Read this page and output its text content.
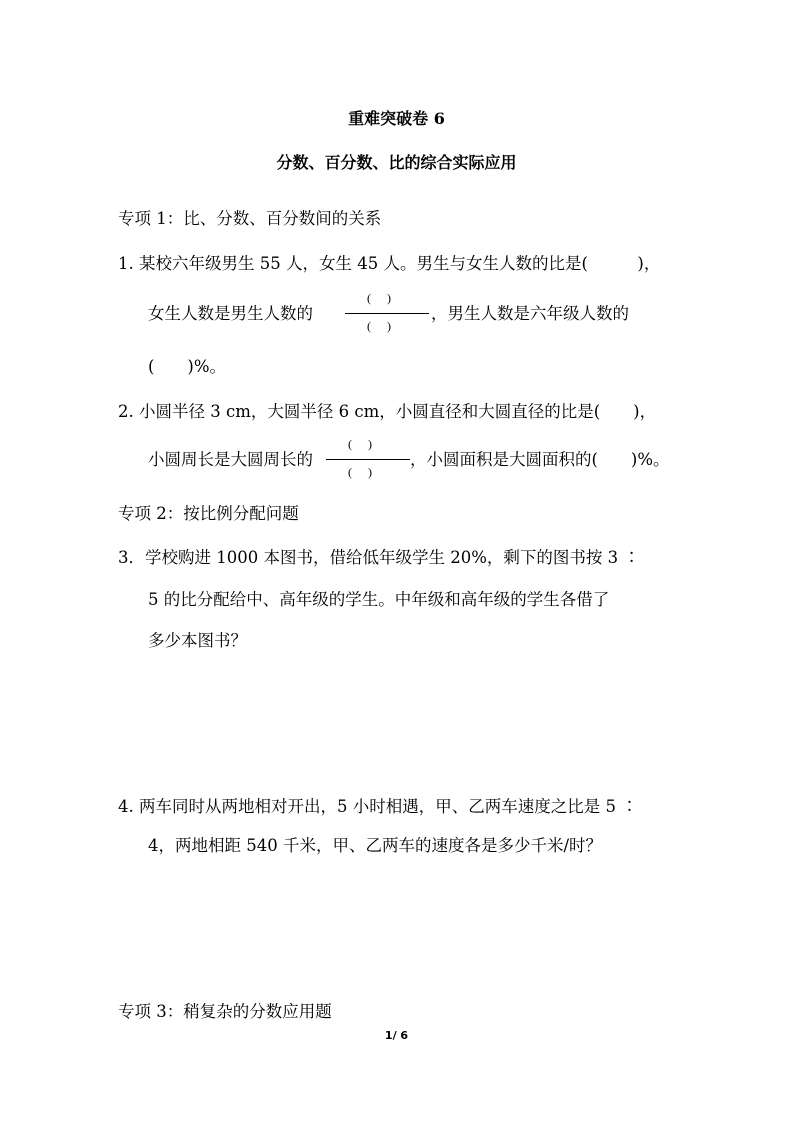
重难突破卷 6
分数、百分数、比的综合实际应用
专项 1：比、分数、百分数间的关系
1. 某校六年级男生 55 人，女生 45 人。男生与女生人数的比是(　　　)，
女生人数是男生人数的
()
()
，男生人数是六年级人数的
(　　)%。
2. 小圆半径 3 cm，大圆半径 6 cm，小圆直径和大圆直径的比是(　　)，
小圆周长是大圆周长的
()
()
，小圆面积是大圆面积的(　　)%。
专项 2：按比例分配问题
3．学校购进 1000 本图书，借给低年级学生 20%，剩下的图书按 3 ∶
5 的比分配给中、高年级的学生。中年级和高年级的学生各借了
多少本图书？
4. 两车同时从两地相对开出，5 小时相遇，甲、乙两车速度之比是 5 ∶
4，两地相距 540 千米，甲、乙两车的速度各是多少千米/时？
专项 3：稍复杂的分数应用题
1/ 6
